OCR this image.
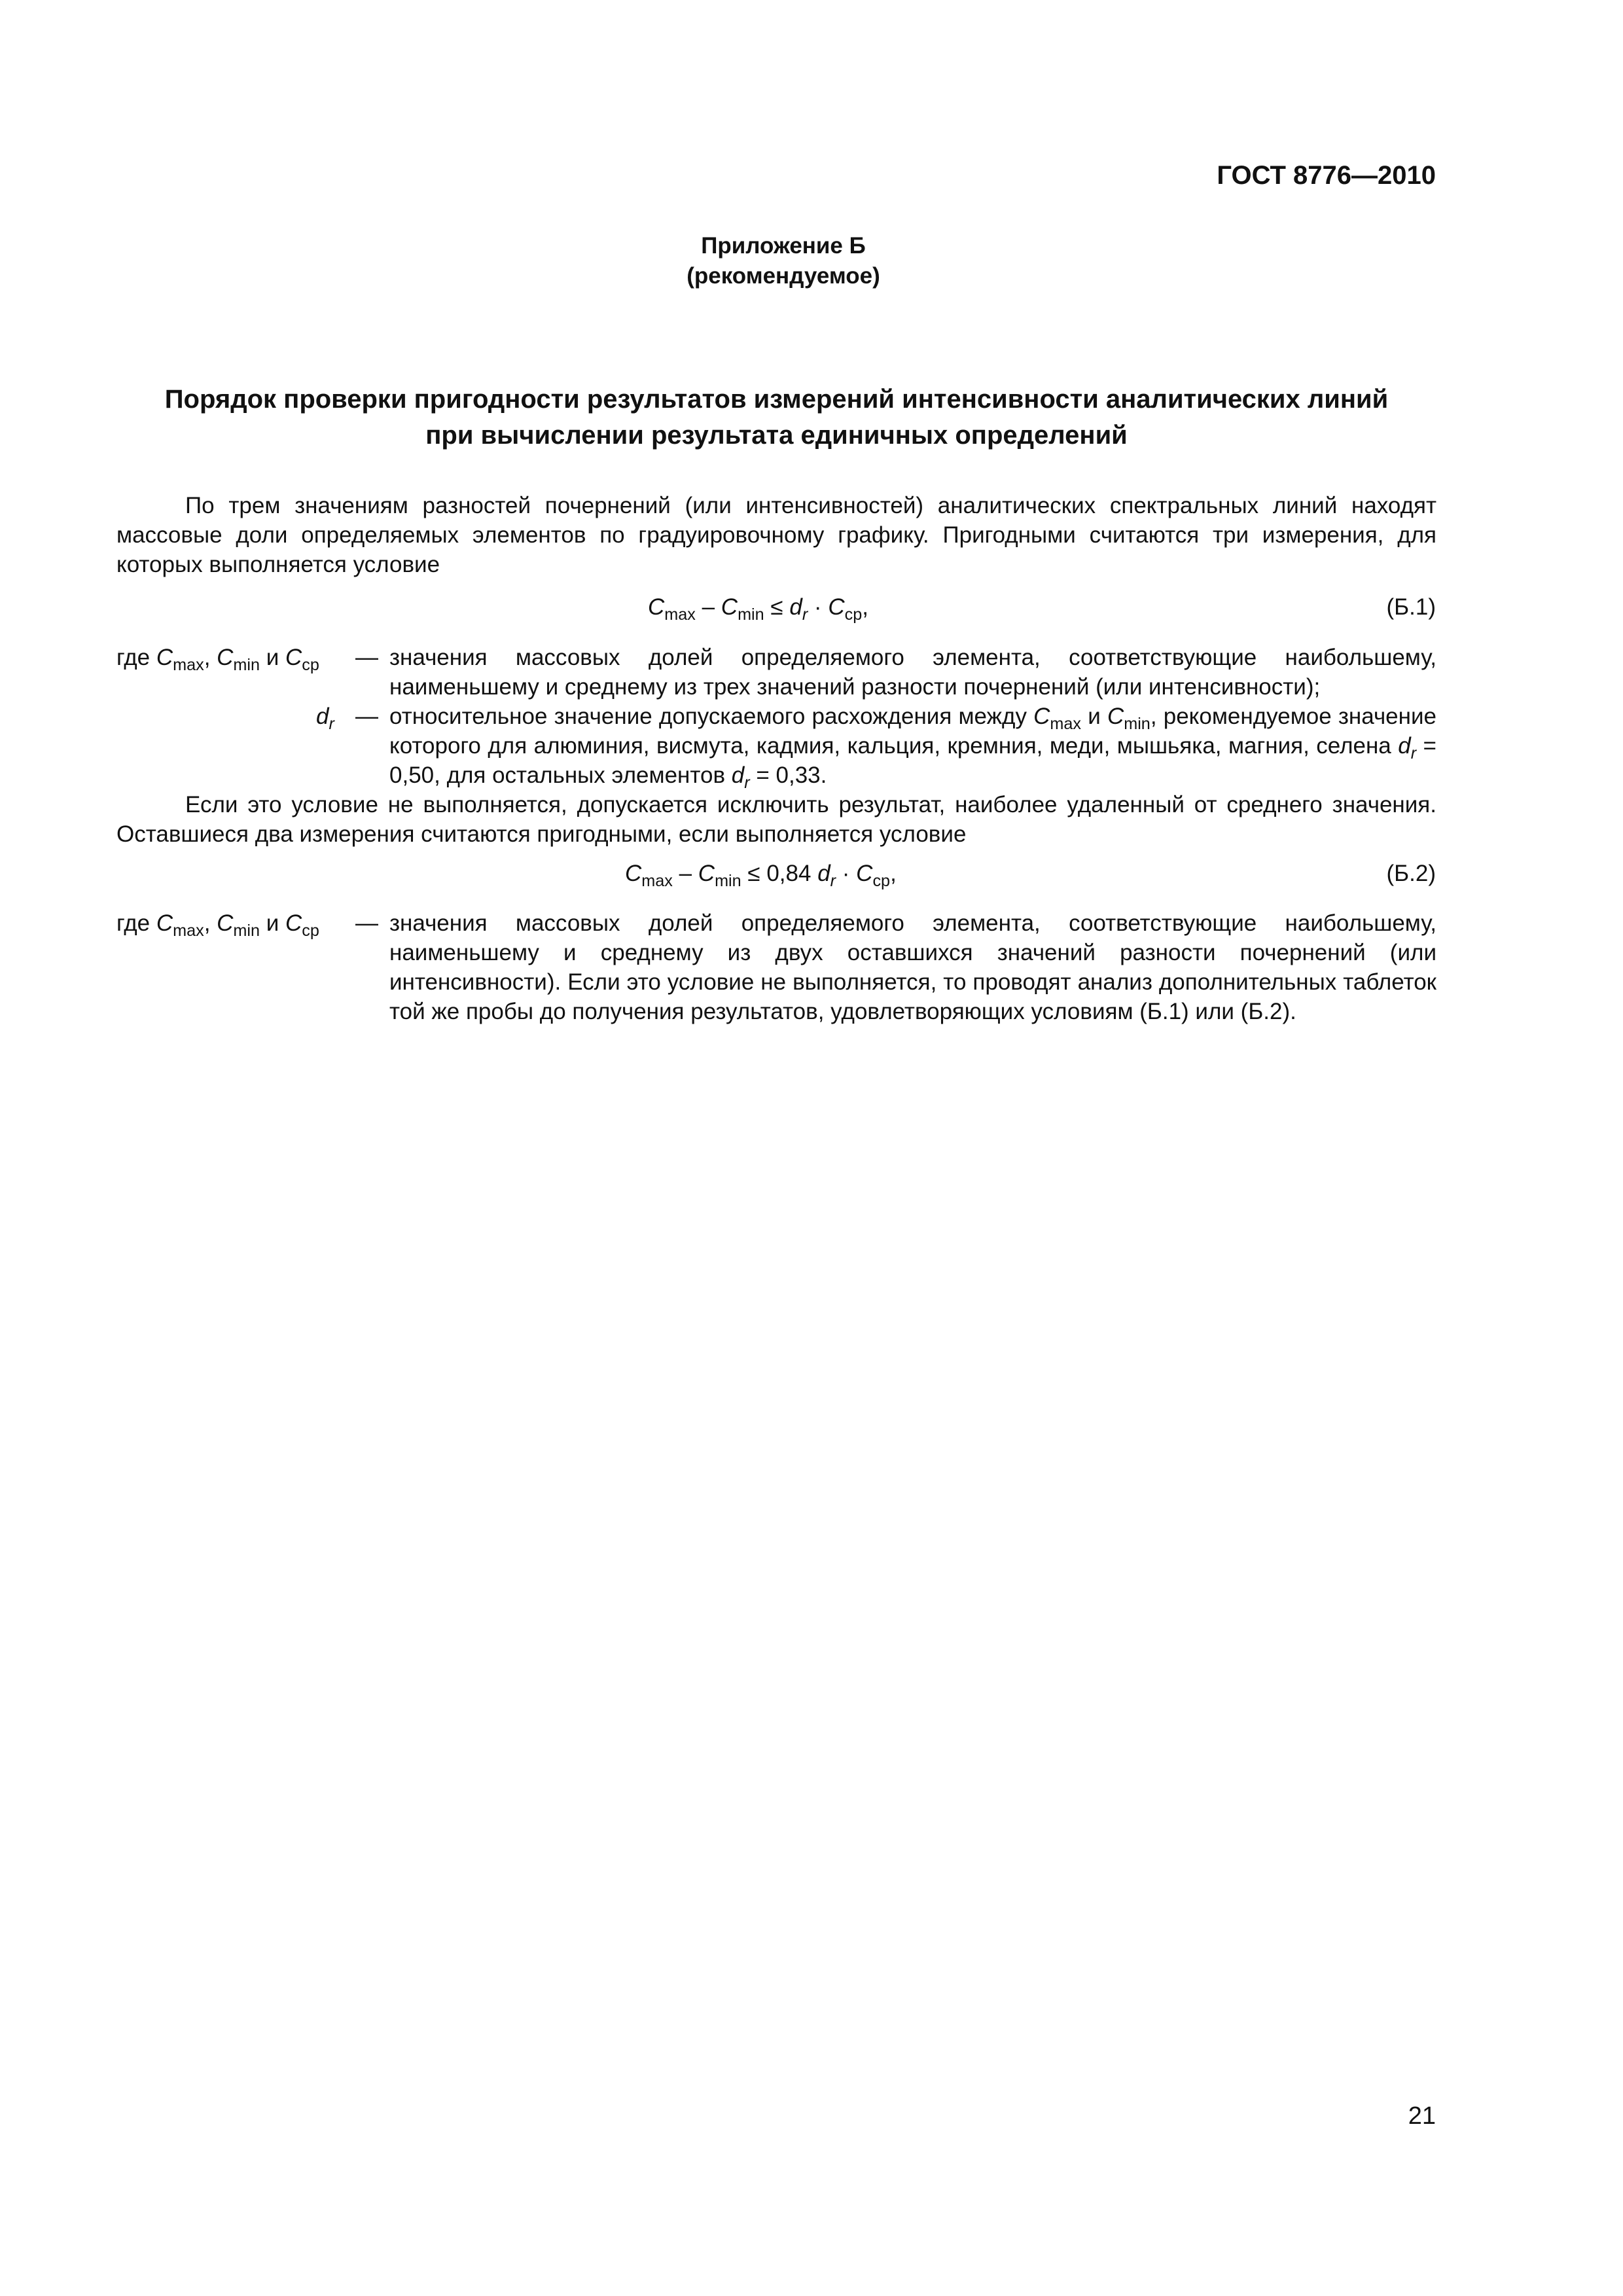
ГОСТ 8776—2010
Приложение Б
(рекомендуемое)
Порядок проверки пригодности результатов измерений интенсивности аналитических линий
при вычислении результата единичных определений
По трем значениям разностей почернений (или интенсивностей) аналитических спектральных линий находят массовые доли определяемых элементов по градуировочному графику. Пригодными считаются три измерения, для которых выполняется условие
$C_{max} - C_{min} \le d_r \cdot C_{ср}$,	(Б.1)
где $C_{max}$, $C_{min}$ и $C_{ср}$ — значения массовых долей определяемого элемента, соответствующие наибольшему, наименьшему и среднему из трех значений разности почернений (или интенсивности);
$d_r$ — относительное значение допускаемого расхождения между $C_{max}$ и $C_{min}$, рекомендуемое значение которого для алюминия, висмута, кадмия, кальция, кремния, меди, мышьяка, магния, селена $d_r = 0,50$, для остальных элементов $d_r = 0,33$.
Если это условие не выполняется, допускается исключить результат, наиболее удаленный от среднего значения. Оставшиеся два измерения считаются пригодными, если выполняется условие
$C_{max} - C_{min} \le 0,84$ $d_r \cdot C_{ср}$,	(Б.2)
где $C_{max}$, $C_{min}$ и $C_{ср}$ — значения массовых долей определяемого элемента, соответствующие наибольшему, наименьшему и среднему из двух оставшихся значений разности почернений (или интенсивности). Если это условие не выполняется, то проводят анализ дополнительных таблеток той же пробы до получения результатов, удовлетворяющих условиям (Б.1) или (Б.2).
21
